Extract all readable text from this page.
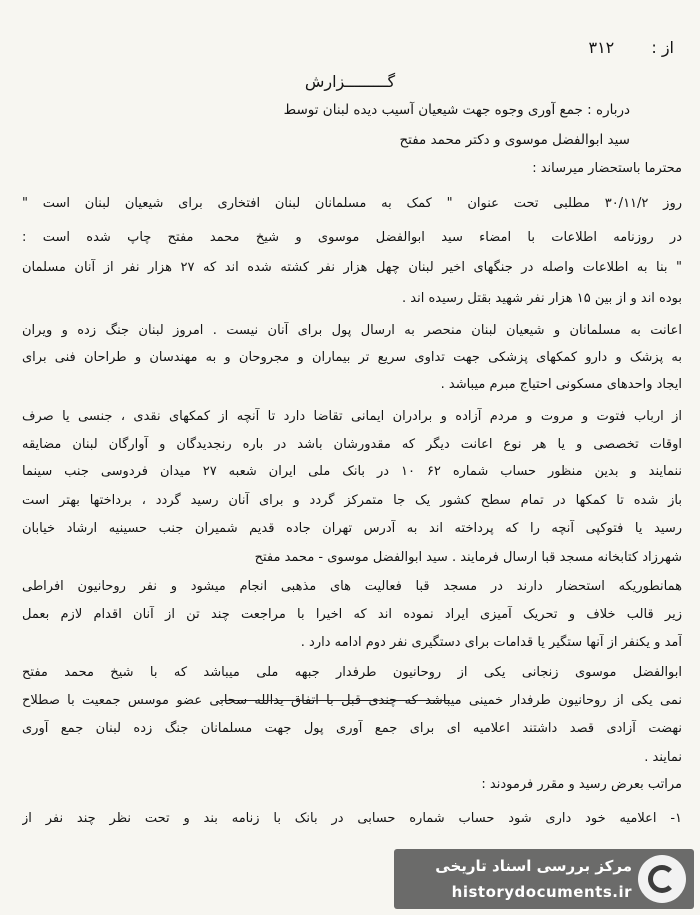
از : ۳۱۲
گـــــــــزارش
درباره : جمع آوری وجوه جهت شیعیان آسیب دیده لبنان توسط
سید ابوالفضل موسوی و دکتر محمد مفتح
محترما باستحضار میرساند :
روز ۳۰/۱۱/۲ مطلبی تحت عنوان " کمک به مسلمانان لبنان افتخاری برای شیعیان لبنان است "
در روزنامه اطلاعات با امضاء سید ابوالفضل موسوی و شیخ محمد مفتح چاپ شده است :
" بنا به اطلاعات واصله در جنگهای اخیر لبنان چهل هزار نفر کشته شده اند که ۲۷ هزار نفر از آنان مسلمان
بوده اند و از بین ۱۵ هزار نفر شهید بقتل رسیده اند .
اعانت به مسلمانان و شیعیان لبنان منحصر به ارسال پول برای آنان نیست . امروز لبنان جنگ زده و ویران
به پزشک و دارو کمکهای پزشکی جهت تداوی سریع تر بیماران و مجروحان و به مهندسان و طراحان فنی برای
ایجاد واحدهای مسکونی احتیاج مبرم میباشد .
از ارباب فتوت و مروت و مردم آزاده و برادران ایمانی تقاضا دارد تا آنچه از کمکهای نقدی ، جنسی یا صرف
اوقات تخصصی و یا هر نوع اعانت دیگر که مقدورشان باشد در باره رنجدیدگان و آوارگان لبنان مضایقه
ننمایند و بدین منظور حساب شماره ۶۲ ۱۰ در بانک ملی ایران شعبه ۲۷ میدان فردوسی جنب سینما
باز شده تا کمکها در تمام سطح کشور یک جا متمرکز گردد و برای آنان رسید گردد ، برداختها بهتر است
رسید یا فتوکپی آنچه را که پرداخته اند به آدرس تهران جاده قدیم شمیران جنب حسینیه ارشاد خیابان
شهرزاد کتابخانه مسجد قبا ارسال فرمایند . سید ابوالفضل موسوی - محمد مفتح
همانطوریکه استحضار دارند در مسجد قبا فعالیت های مذهبی انجام میشود و نفر روحانیون افراطی
زیر قالب خلاف و تحریک آمیزی ایراد نموده اند که اخیرا با مراجعت چند تن از آنان اقدام لازم بعمل
آمد و یکنفر از آنها ستگیر یا قدامات برای دستگیری نفر دوم ادامه دارد .
ابوالفضل موسوی زنجانی یکی از روحانیون طرفدار جبهه ملی میباشد که با شیخ محمد مفتح
نمی یکی از روحانیون طرفدار خمینی میباشد که چندی قبل با اتفاق یدالله سحابی عضو موسس جمعیت با صطلاح
نهضت آزادی قصد داشتند اعلامیه ای برای جمع آوری پول جهت مسلمانان جنگ زده لبنان جمع آوری
نمایند .
مراتب بعرض رسید و مقرر فرمودند :
۱- اعلامیه خود داری شود حساب شماره حسابی در بانک با زنامه بند و تحت نظر چند نفر از
مرکز بررسی اسناد تاریخی
historydocuments.ir
